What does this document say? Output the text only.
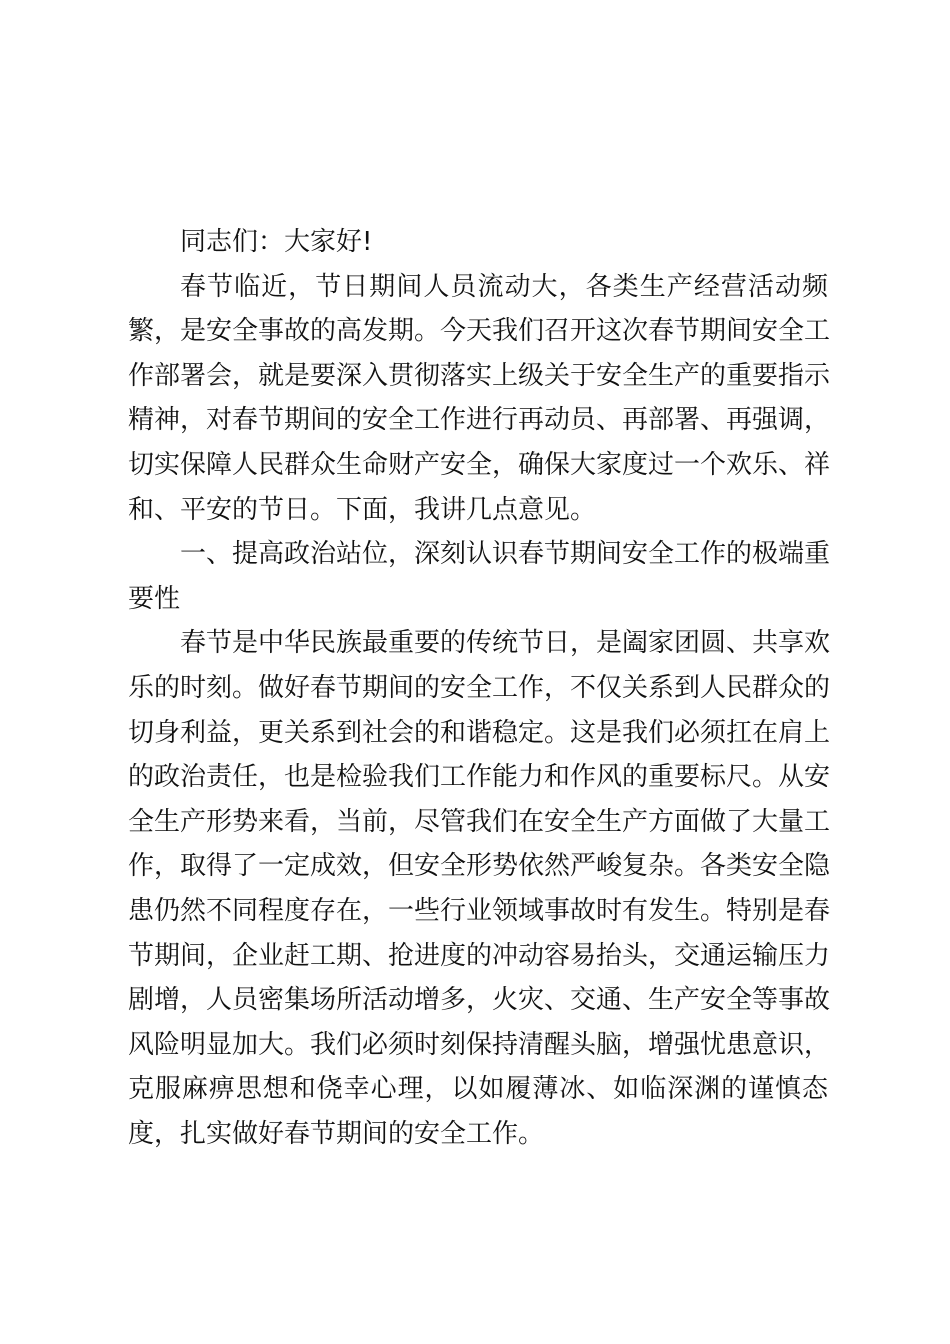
同志们：大家好!
春节临近，节日期间人员流动大，各类生产经营活动频
繁，是安全事故的高发期。今天我们召开这次春节期间安全工
作部署会，就是要深入贯彻落实上级关于安全生产的重要指示
精神，对春节期间的安全工作进行再动员、再部署、再强调，
切实保障人民群众生命财产安全，确保大家度过一个欢乐、祥
和、平安的节日。下面，我讲几点意见。
一、提高政治站位，深刻认识春节期间安全工作的极端重
要性
春节是中华民族最重要的传统节日，是阖家团圆、共享欢
乐的时刻。做好春节期间的安全工作，不仅关系到人民群众的
切身利益，更关系到社会的和谐稳定。这是我们必须扛在肩上
的政治责任，也是检验我们工作能力和作风的重要标尺。从安
全生产形势来看，当前，尽管我们在安全生产方面做了大量工
作，取得了一定成效，但安全形势依然严峻复杂。各类安全隐
患仍然不同程度存在，一些行业领域事故时有发生。特别是春
节期间，企业赶工期、抢进度的冲动容易抬头，交通运输压力
剧增，人员密集场所活动增多，火灾、交通、生产安全等事故
风险明显加大。我们必须时刻保持清醒头脑，增强忧患意识，
克服麻痹思想和侥幸心理，以如履薄冰、如临深渊的谨慎态
度，扎实做好春节期间的安全工作。
